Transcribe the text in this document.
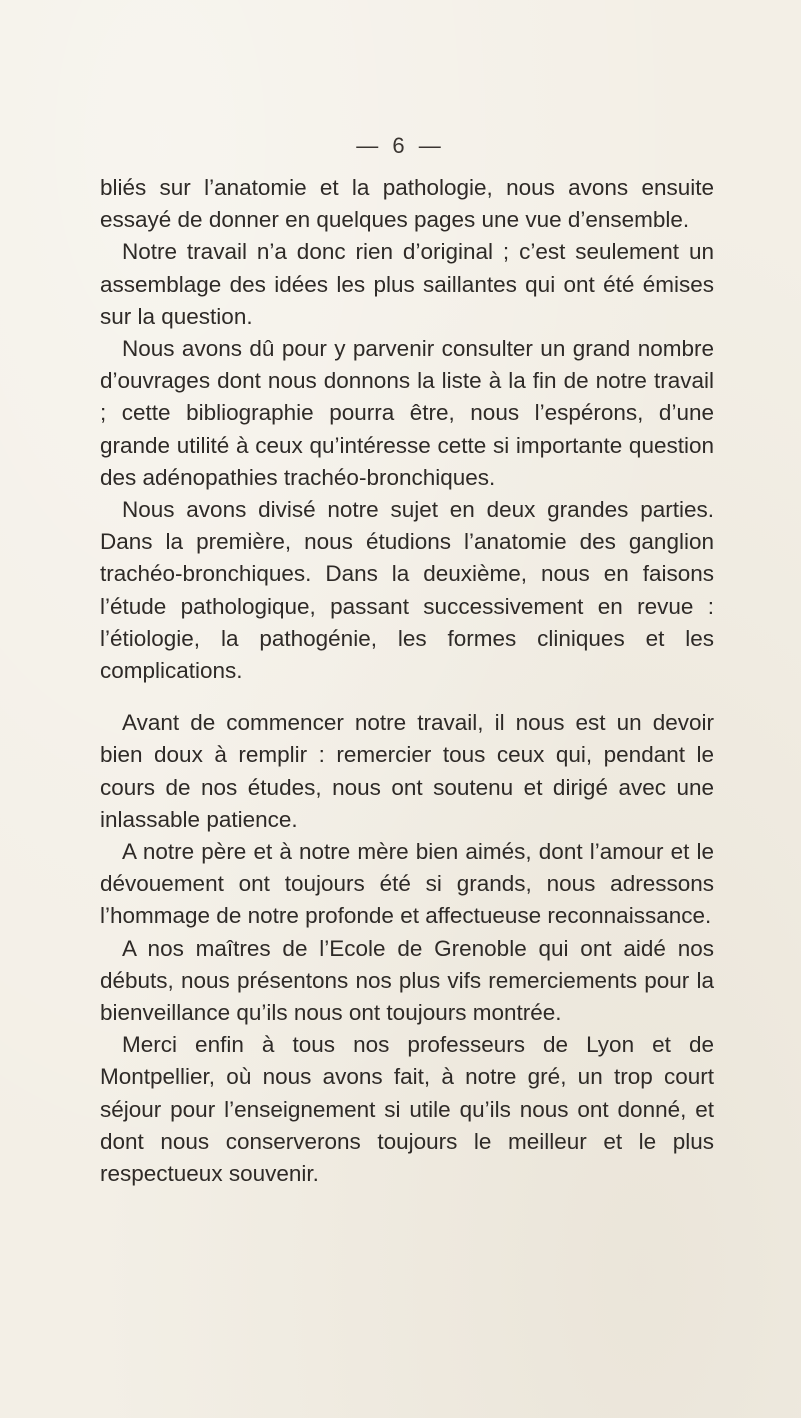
— 6 —

bliés sur l’anatomie et la pathologie, nous avons ensuite essayé de donner en quelques pages une vue d’ensemble.

Notre travail n’a donc rien d’original ; c’est seulement un assemblage des idées les plus saillantes qui ont été émises sur la question.

Nous avons dû pour y parvenir consulter un grand nombre d’ouvrages dont nous donnons la liste à la fin de notre travail ; cette bibliographie pourra être, nous l’espérons, d’une grande utilité à ceux qu’intéresse cette si importante question des adénopathies trachéo-bronchiques.

Nous avons divisé notre sujet en deux grandes parties. Dans la première, nous étudions l’anatomie des ganglion trachéo-bronchiques. Dans la deuxième, nous en faisons l’étude pathologique, passant successivement en revue : l’étiologie, la pathogénie, les formes cliniques et les complications.

Avant de commencer notre travail, il nous est un devoir bien doux à remplir : remercier tous ceux qui, pendant le cours de nos études, nous ont soutenu et dirigé avec une inlassable patience.

A notre père et à notre mère bien aimés, dont l’amour et le dévouement ont toujours été si grands, nous adressons l’hommage de notre profonde et affectueuse reconnaissance.

A nos maîtres de l’Ecole de Grenoble qui ont aidé nos débuts, nous présentons nos plus vifs remerciements pour la bienveillance qu’ils nous ont toujours montrée.

Merci enfin à tous nos professeurs de Lyon et de Montpellier, où nous avons fait, à notre gré, un trop court séjour pour l’enseignement si utile qu’ils nous ont donné, et dont nous conserverons toujours le meilleur et le plus respectueux souvenir.
